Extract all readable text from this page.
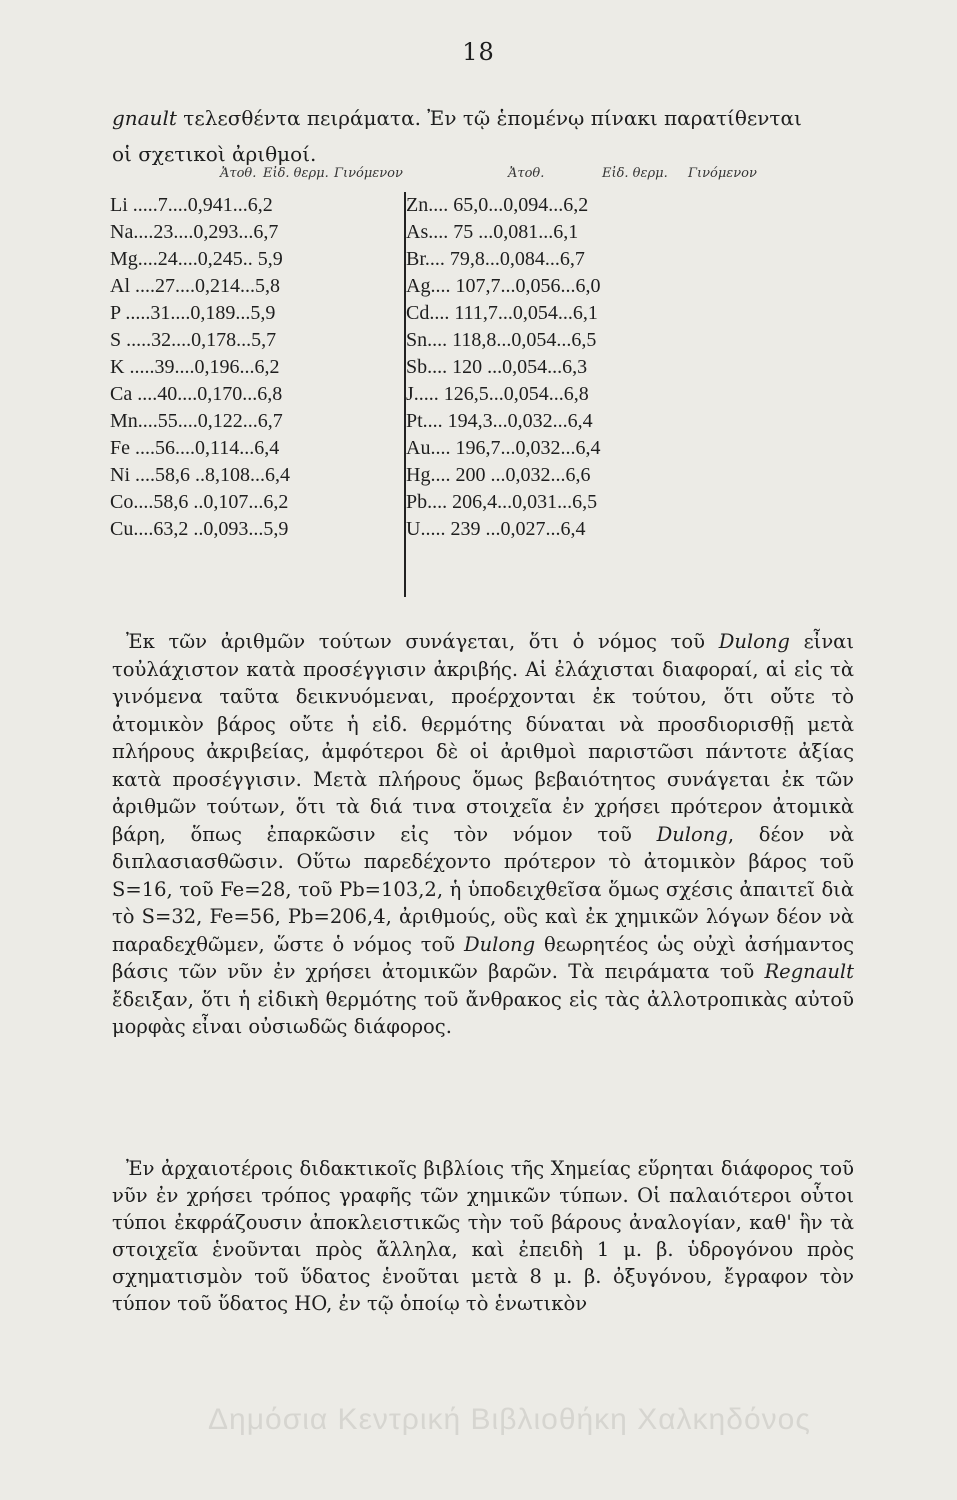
18

gnault τελεσθέντα πειράματα. Ἐν τῷ ἑπομένῳ πίνακι παρατίθενται

οἱ σχετικοὶ ἀριθμοί.

Ἀτοθ. Εἰδ. θερμ. Γινόμενον	Ἀτοθ.	Εἰδ. θερμ. Γινόμενον
Li .....7....0,941...6,2
Na....23....0,293...6,7
Mg....24....0,245.. 5,9
Al ....27....0,214...5,8
P .....31....0,189...5,9
S .....32....0,178...5,7
K .....39....0,196...6,2
Ca ....40....0,170...6,8
Mn....55....0,122...6,7
Fe ....56....0,114...6,4
Ni ....58,6 ..8,108...6,4
Co....58,6 ..0,107...6,2
Cu....63,2 ..0,093...5,9
Zn.... 65,0...0,094...6,2
As.... 75 ...0,081...6,1
Br.... 79,8...0,084...6,7
Ag.... 107,7...0,056...6,0
Cd.... 111,7...0,054...6,1
Sn.... 118,8...0,054...6,5
Sb.... 120 ...0,054...6,3
J..... 126,5...0,054...6,8
Pt.... 194,3...0,032...6,4
Au.... 196,7...0,032...6,4
Hg.... 200 ...0,032...6,6
Pb.... 206,4...0,031...6,5
U..... 239 ...0,027...6,4

Ἐκ τῶν ἀριθμῶν τούτων συνάγεται, ὅτι ὁ νόμος τοῦ Dulong εἶναι τοὐλάχιστον κατὰ προσέγγισιν ἀκριβής. Αἱ ἐλάχισται διαφοραί, αἱ εἰς τὰ γινόμενα ταῦτα δεικνυόμεναι, προέρχονται ἐκ τούτου, ὅτι οὔτε τὸ ἀτομικὸν βάρος οὔτε ἡ εἰδ. θερμότης δύναται νὰ προσδιορισθῇ μετὰ πλήρους ἀκριβείας, ἀμφότεροι δὲ οἱ ἀριθμοὶ παριστῶσι πάντοτε ἀξίας κατὰ προσέγγισιν. Μετὰ πλήρους ὅμως βεβαιότητος συνάγεται ἐκ τῶν ἀριθμῶν τούτων, ὅτι τὰ διά τινα στοιχεῖα ἐν χρήσει πρότερον ἀτομικὰ βάρη, ὅπως ἐπαρκῶσιν εἰς τὸν νόμον τοῦ Dulong, δέον νὰ διπλασιασθῶσιν. Οὕτω παρεδέχοντο πρότερον τὸ ἀτομικὸν βάρος τοῦ S=16, τοῦ Fe=28, τοῦ Pb=103,2, ἡ ὑποδειχθεῖσα ὅμως σχέσις ἀπαιτεῖ διὰ τὸ S=32, Fe=56, Pb=206,4, ἀριθμούς, οὓς καὶ ἐκ χημικῶν λόγων δέον νὰ παραδεχθῶμεν, ὥστε ὁ νόμος τοῦ Dulong θεωρητέος ὡς οὐχὶ ἀσήμαντος βάσις τῶν νῦν ἐν χρήσει ἀτομικῶν βαρῶν. Τὰ πειράματα τοῦ Regnault ἔδειξαν, ὅτι ἡ εἰδικὴ θερμότης τοῦ ἄνθρακος εἰς τὰς ἀλλοτροπικὰς αὐτοῦ μορφὰς εἶναι οὐσιωδῶς διάφορος.

Ἐν ἀρχαιοτέροις διδακτικοῖς βιβλίοις τῆς Χημείας εὕρηται διάφορος τοῦ νῦν ἐν χρήσει τρόπος γραφῆς τῶν χημικῶν τύπων. Οἱ παλαιότεροι οὗτοι τύποι ἐκφράζουσιν ἀποκλειστικῶς τὴν τοῦ βάρους ἀναλογίαν, καθ' ἣν τὰ στοιχεῖα ἑνοῦνται πρὸς ἄλληλα, καὶ ἐπειδὴ 1 μ. β. ὑδρογόνου πρὸς σχηματισμὸν τοῦ ὕδατος ἑνοῦται μετὰ 8 μ. β. ὀξυγόνου, ἔγραφον τὸν τύπον τοῦ ὕδατος HO, ἐν τῷ ὁποίῳ τὸ ἑνωτικὸν

Δημόσια Κεντρική Βιβλιοθήκη Χαλκηδόνος
